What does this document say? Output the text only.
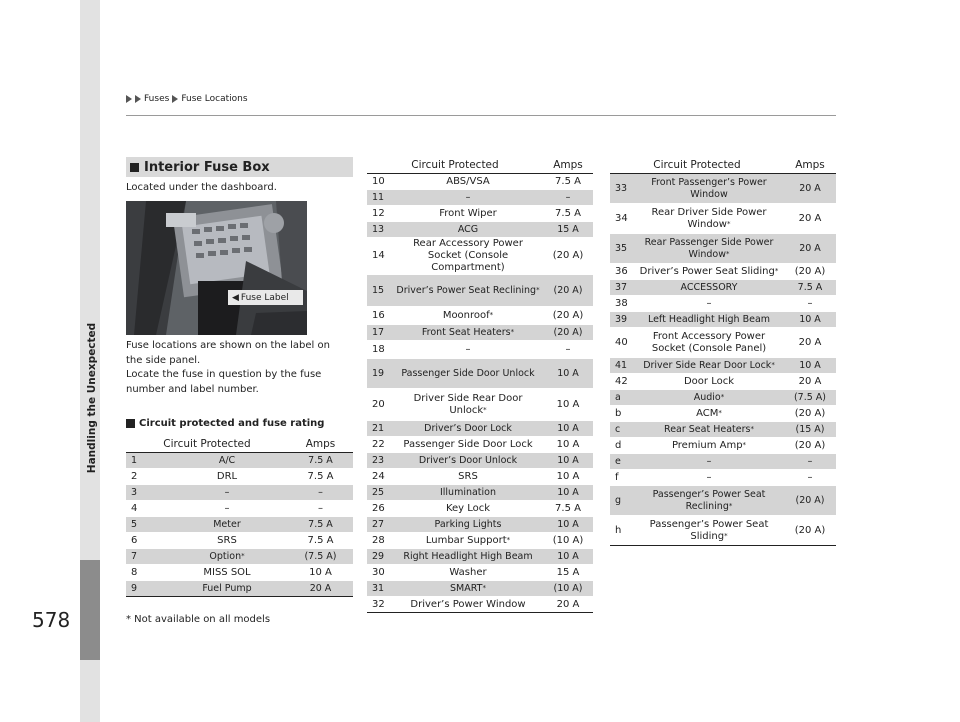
Handling the Unexpected
578
Fuses Fuse Locations
Interior Fuse Box
Located under the dashboard.
◀ Fuse Label
Fuse locations are shown on the label on
the side panel.
Locate the fuse in question by the fuse
number and label number.
Circuit protected and fuse rating
Circuit Protected		Amps
1	A/C	7.5 A
2	DRL	7.5 A
3	–	–
4	–	–
5	Meter	7.5 A
6	SRS	7.5 A
7	Option*	(7.5 A)
8	MISS SOL	10 A
9	Fuel Pump	20 A
Circuit Protected		Amps
10	ABS/VSA	7.5 A
11	–	–
12	Front Wiper	7.5 A
13	ACG	15 A
14	Rear Accessory Power Socket (Console Compartment)	(20 A)
15	Driver’s Power Seat Reclining*	(20 A)
16	Moonroof*	(20 A)
17	Front Seat Heaters*	(20 A)
18	–	–
19	Passenger Side Door Unlock	10 A
20	Driver Side Rear Door Unlock*	10 A
21	Driver’s Door Lock	10 A
22	Passenger Side Door Lock	10 A
23	Driver’s Door Unlock	10 A
24	SRS	10 A
25	Illumination	10 A
26	Key Lock	7.5 A
27	Parking Lights	10 A
28	Lumbar Support*	(10 A)
29	Right Headlight High Beam	10 A
30	Washer	15 A
31	SMART*	(10 A)
32	Driver’s Power Window	20 A
Circuit Protected		Amps
33	Front Passenger’s Power Window	20 A
34	Rear Driver Side Power Window*	20 A
35	Rear Passenger Side Power Window*	20 A
36	Driver’s Power Seat Sliding*	(20 A)
37	ACCESSORY	7.5 A
38	–	–
39	Left Headlight High Beam	10 A
40	Front Accessory Power Socket (Console Panel)	20 A
41	Driver Side Rear Door Lock*	10 A
42	Door Lock	20 A
a	Audio*	(7.5 A)
b	ACM*	(20 A)
c	Rear Seat Heaters*	(15 A)
d	Premium Amp*	(20 A)
e	–	–
f	–	–
g	Passenger’s Power Seat Reclining*	(20 A)
h	Passenger’s Power Seat Sliding*	(20 A)
* Not available on all models
